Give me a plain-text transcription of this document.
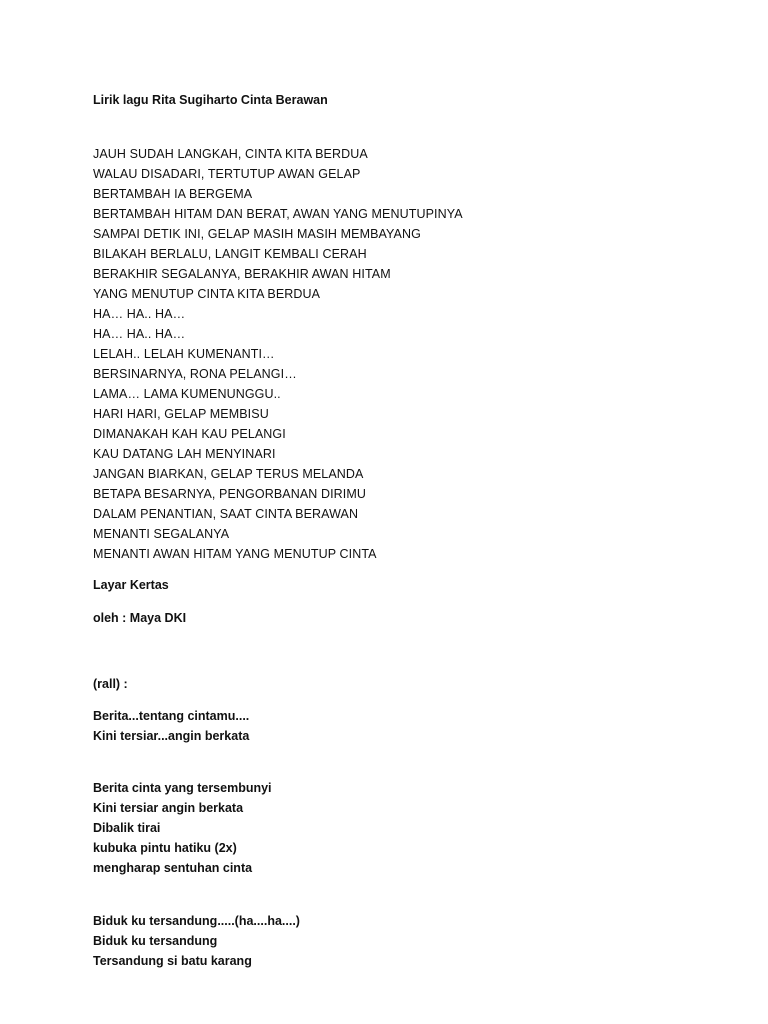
Lirik lagu Rita Sugiharto Cinta Berawan
JAUH SUDAH LANGKAH, CINTA KITA BERDUA
WALAU DISADARI, TERTUTUP AWAN GELAP
BERTAMBAH IA BERGEMA
BERTAMBAH HITAM DAN BERAT, AWAN YANG MENUTUPINYA
SAMPAI DETIK INI, GELAP MASIH MASIH MEMBAYANG
BILAKAH BERLALU, LANGIT KEMBALI CERAH
BERAKHIR SEGALANYA, BERAKHIR AWAN HITAM
YANG MENUTUP CINTA KITA BERDUA
HA… HA.. HA…
HA… HA.. HA…
LELAH.. LELAH KUMENANTI…
BERSINARNYA, RONA PELANGI…
LAMA… LAMA KUMENUNGGU..
HARI HARI, GELAP MEMBISU
DIMANAKAH KAH KAU PELANGI
KAU DATANG LAH MENYINARI
JANGAN BIARKAN, GELAP TERUS MELANDA
BETAPA BESARNYA, PENGORBANAN DIRIMU
DALAM PENANTIAN, SAAT CINTA BERAWAN
MENANTI SEGALANYA
MENANTI AWAN HITAM YANG MENUTUP CINTA
Layar Kertas
oleh : Maya DKI
(rall) :
Berita...tentang cintamu....
Kini tersiar...angin berkata
Berita cinta yang tersembunyi
Kini tersiar angin berkata
Dibalik tirai
kubuka pintu hatiku (2x)
mengharap sentuhan cinta
Biduk ku tersandung.....(ha....ha....)
Biduk ku tersandung
Tersandung si batu karang
